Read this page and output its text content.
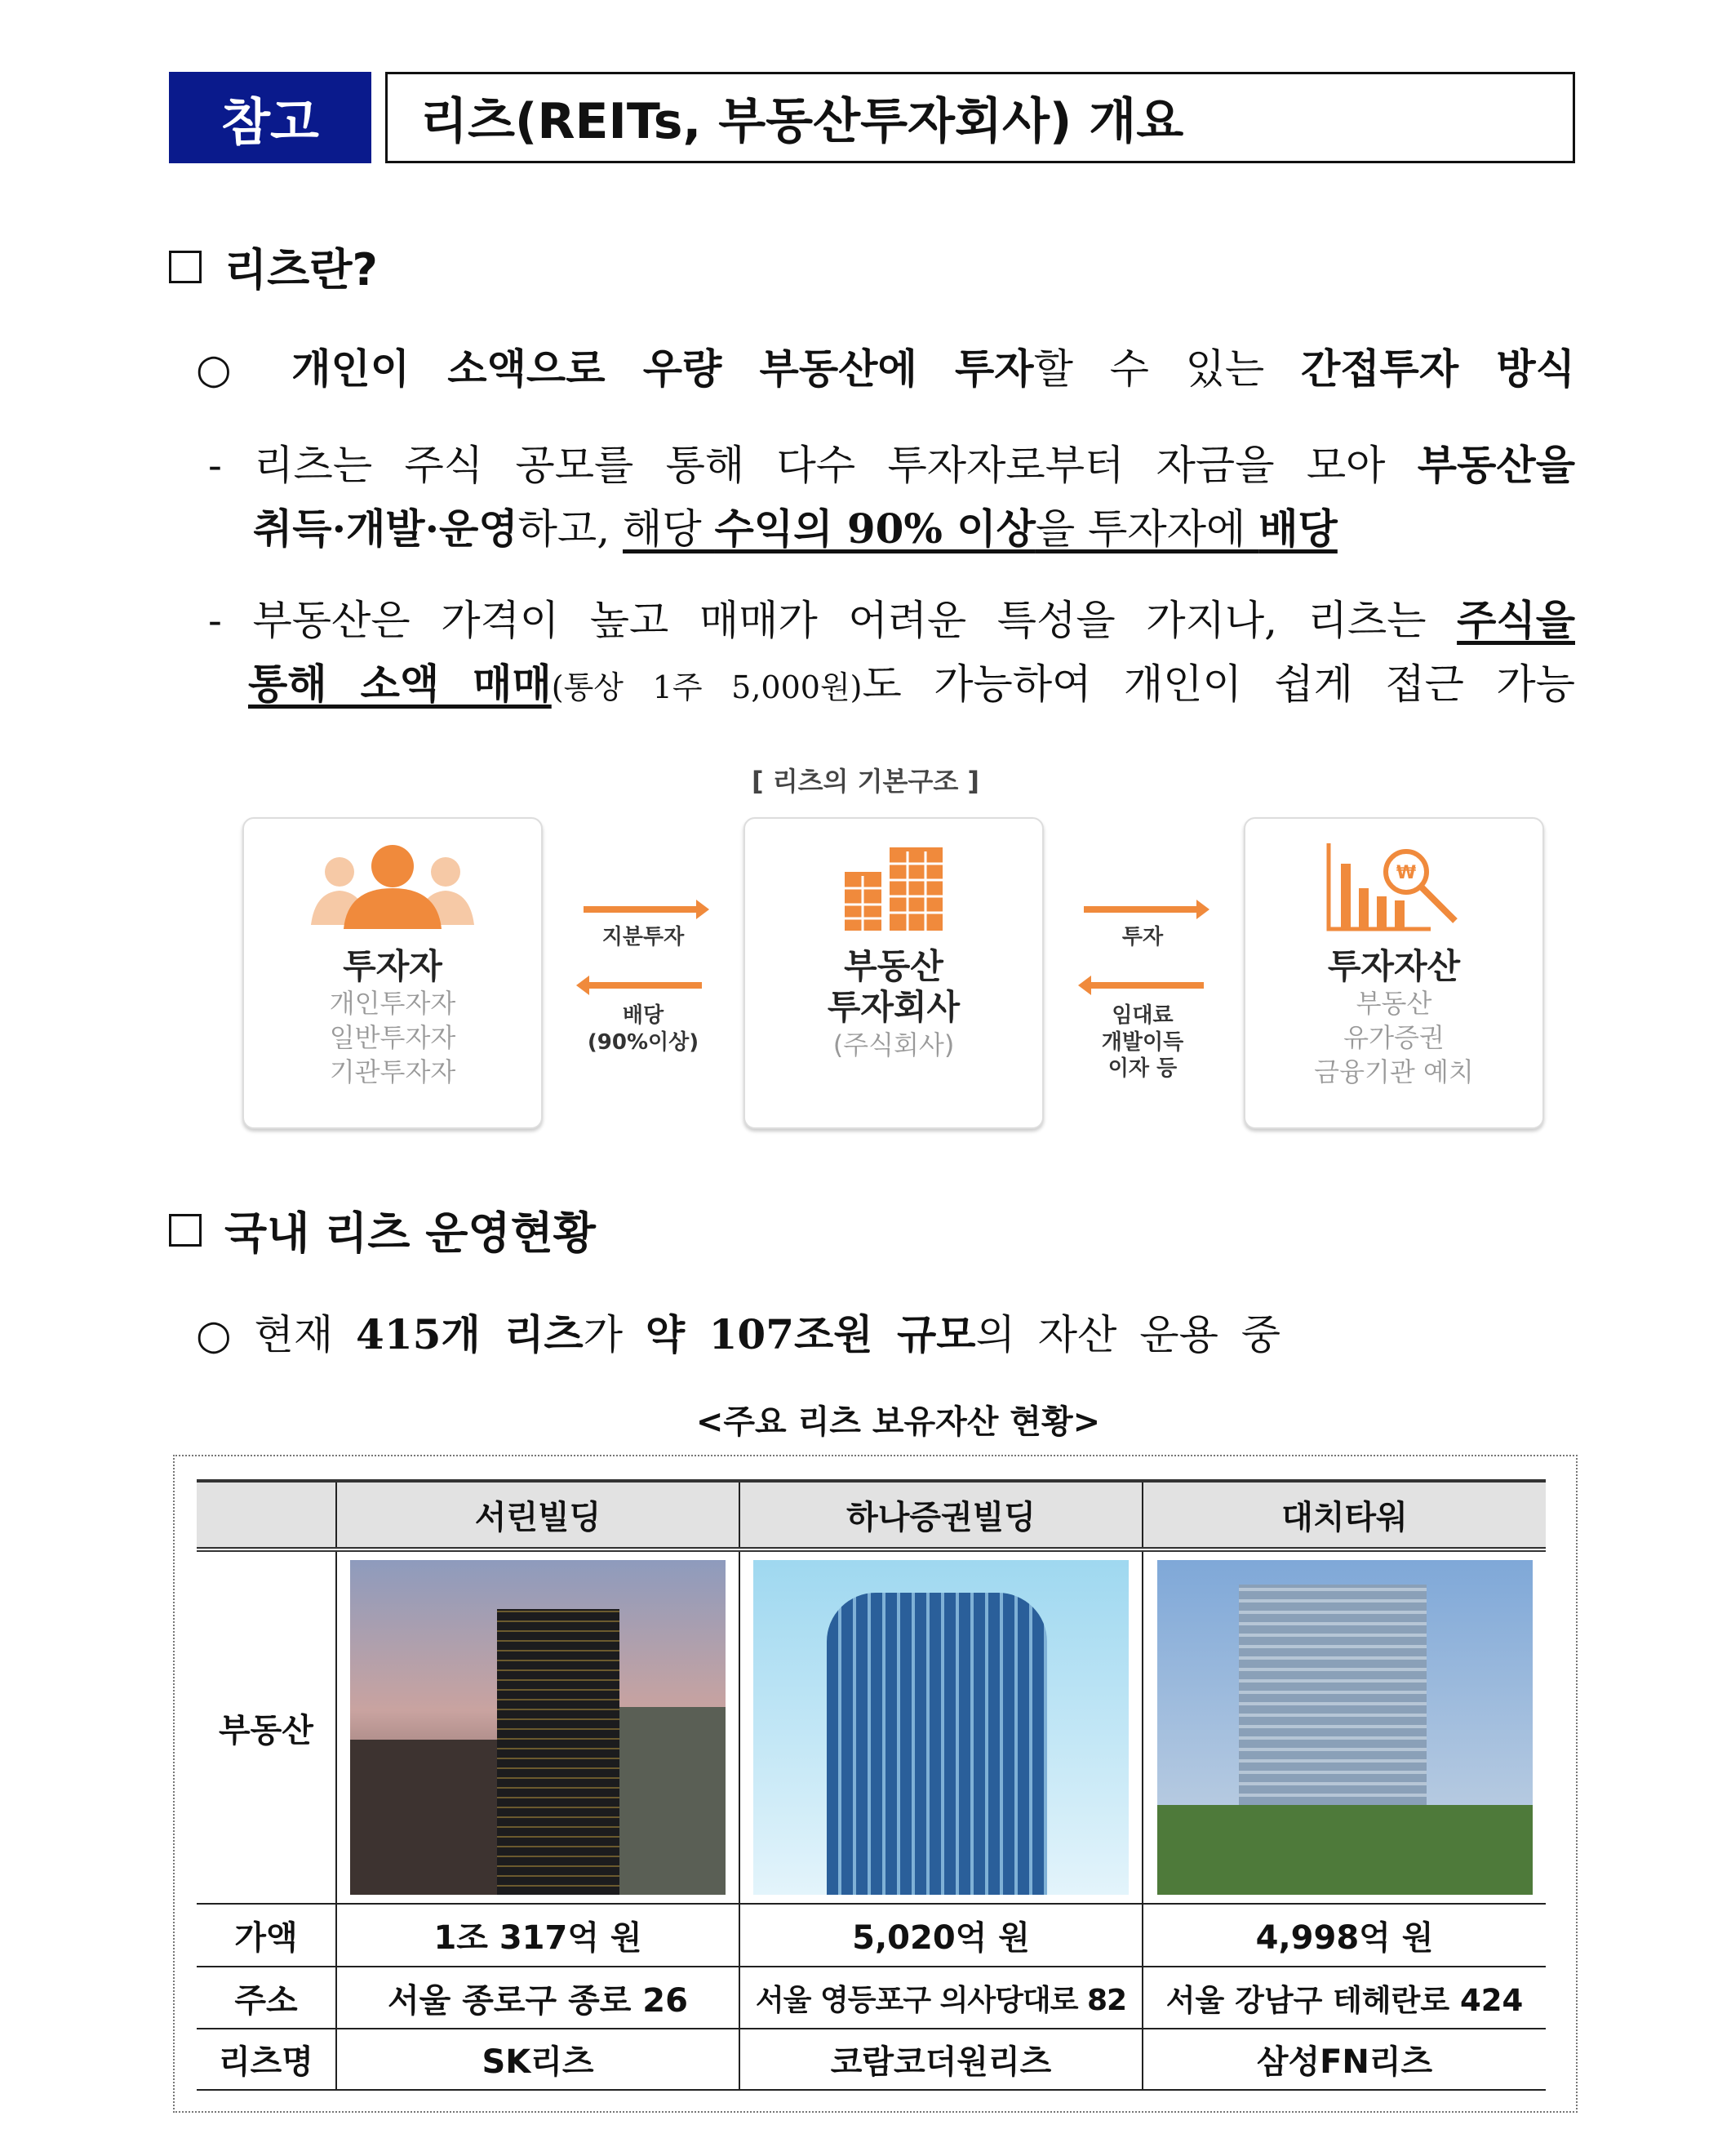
참고	리츠(REITs, 부동산투자회사) 개요
리츠란?
○ 개인이 소액으로 우량 부동산에 투자할 수 있는 간접투자 방식
- 리츠는 주식 공모를 통해 다수 투자자로부터 자금을 모아 부동산을
취득·개발·운영하고, 해당 수익의 90% 이상을 투자자에 배당
- 부동산은 가격이 높고 매매가 어려운 특성을 가지나, 리츠는 주식을
통해 소액 매매(통상 1주 5,000원)도 가능하여 개인이 쉽게 접근 가능
[ 리츠의 기본구조 ]
투자자
개인투자자
일반투자자
기관투자자
부동산
투자회사
(주식회사)
₩
투자자산
부동산
유가증권
금융기관 예치
지분투자
배당
(90%이상)
투자
임대료
개발이득
이자 등
국내 리츠 운영현황
○ 현재 415개 리츠가 약 107조원 규모의 자산 운용 중
<주요 리츠 보유자산 현황>
	서린빌딩	하나증권빌딩	대치타워
부동산	

가액	1조 317억 원	5,020억 원	4,998억 원
주소	서울 종로구 종로 26	서울 영등포구 의사당대로 82	서울 강남구 테헤란로 424
리츠명	SK리츠	코람코더원리츠	삼성FN리츠
